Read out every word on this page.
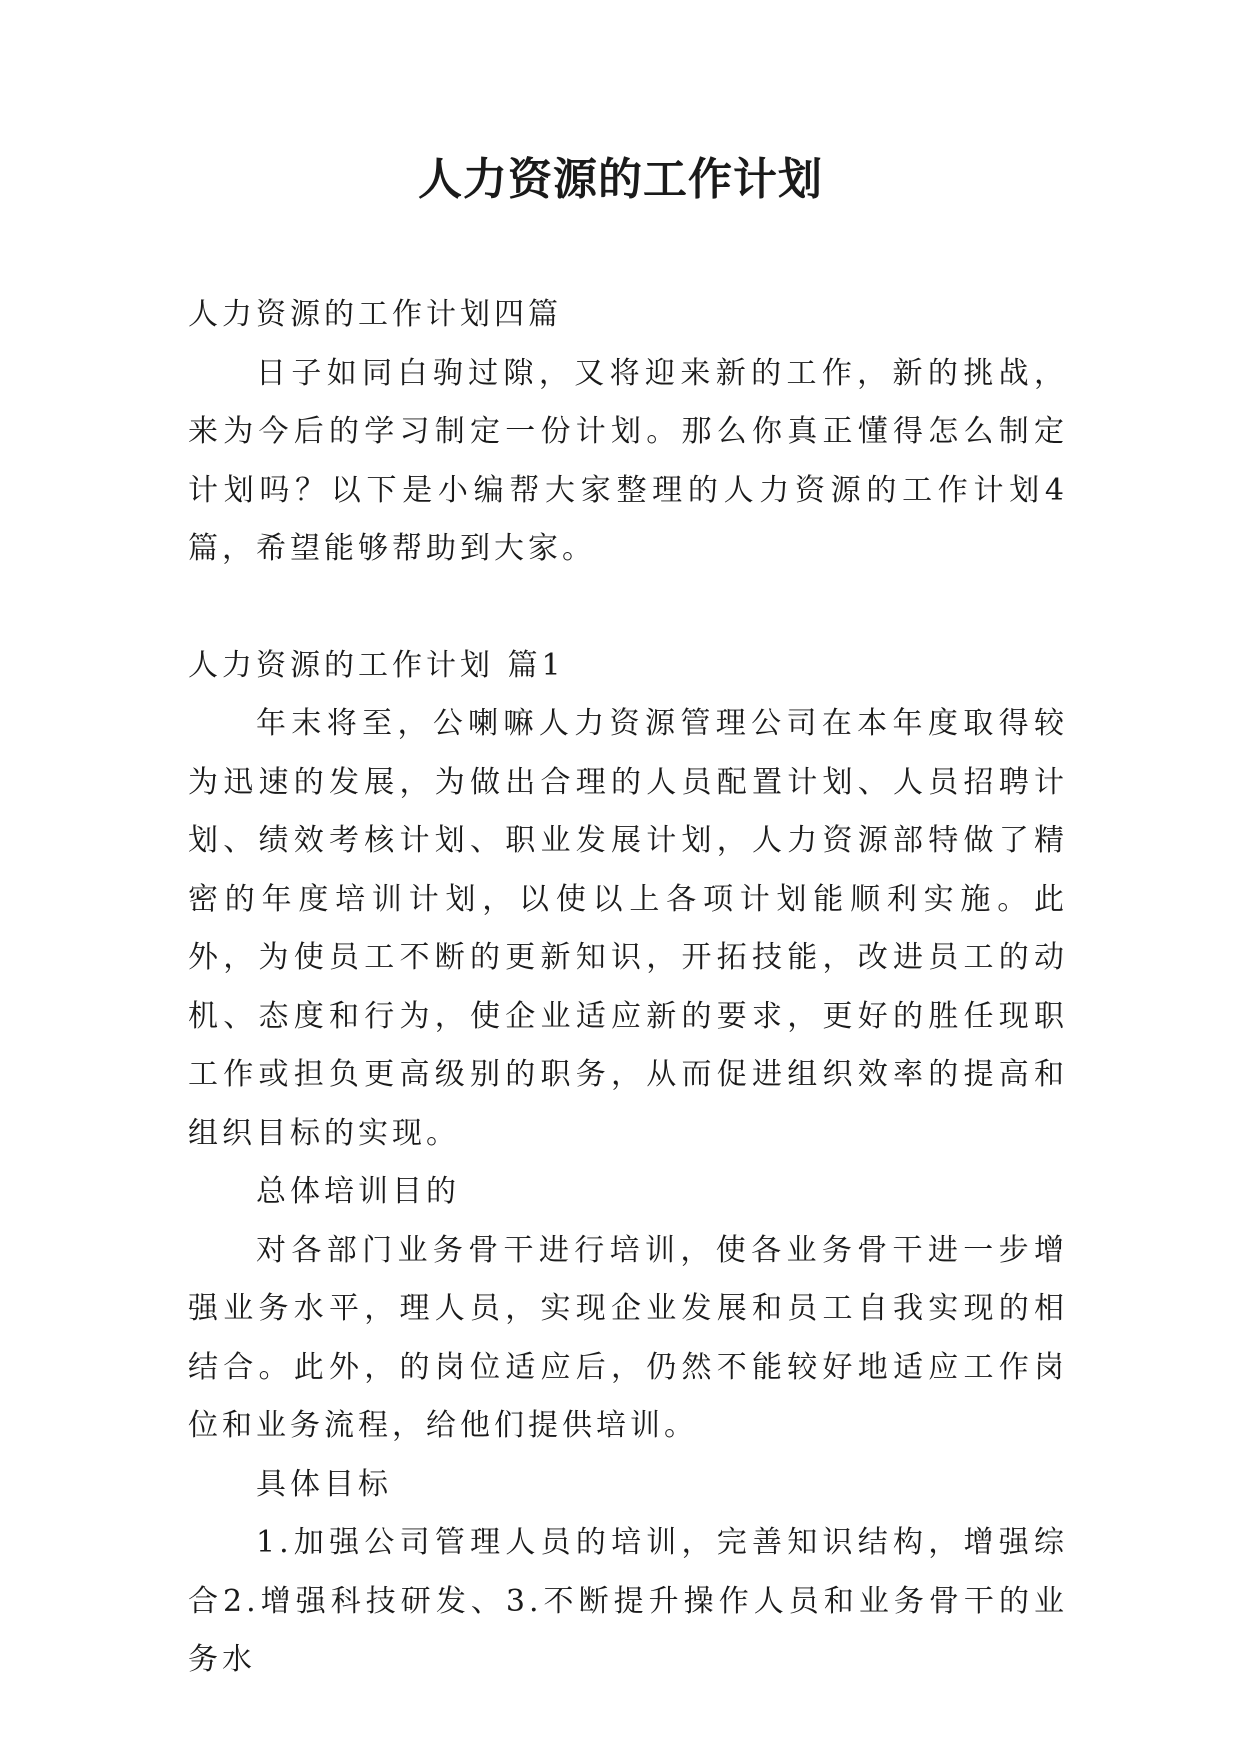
人力资源的工作计划

人力资源的工作计划四篇

日子如同白驹过隙，又将迎来新的工作，新的挑战，来为今后的学习制定一份计划。那么你真正懂得怎么制定计划吗？以下是小编帮大家整理的人力资源的工作计划4篇，希望能够帮助到大家。

人力资源的工作计划 篇1

年末将至，公喇嘛人力资源管理公司在本年度取得较为迅速的发展，为做出合理的人员配置计划、人员招聘计划、绩效考核计划、职业发展计划，人力资源部特做了精密的年度培训计划，以使以上各项计划能顺利实施。此外，为使员工不断的更新知识，开拓技能，改进员工的动机、态度和行为，使企业适应新的要求，更好的胜任现职工作或担负更高级别的职务，从而促进组织效率的提高和组织目标的实现。

总体培训目的

对各部门业务骨干进行培训，使各业务骨干进一步增强业务水平，理人员，实现企业发展和员工自我实现的相结合。此外，的岗位适应后，仍然不能较好地适应工作岗位和业务流程，给他们提供培训。

具体目标

1.加强公司管理人员的培训，完善知识结构，增强综合2.增强科技研发、3.不断提升操作人员和业务骨干的业务水
